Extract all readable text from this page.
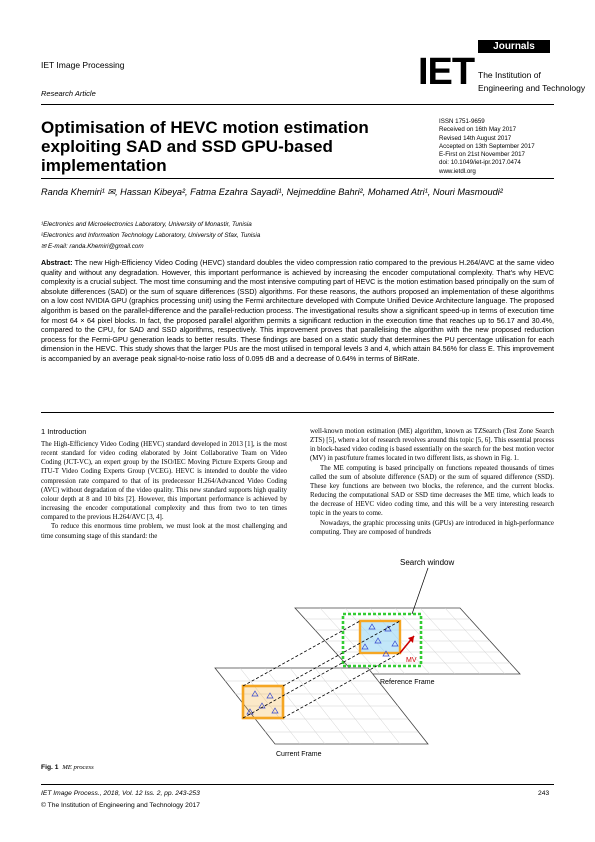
IET Image Processing
Research Article
IET
Journals
The Institution of
Engineering and Technology
Optimisation of HEVC motion estimation exploiting SAD and SSD GPU-based implementation
ISSN 1751-9659
Received on 16th May 2017
Revised 14th August 2017
Accepted on 13th September 2017
E-First on 21st November 2017
doi: 10.1049/iet-ipr.2017.0474
www.ietdl.org
Randa Khemiri¹ ✉, Hassan Kibeya², Fatma Ezahra Sayadi¹, Nejmeddine Bahri², Mohamed Atri¹, Nouri Masmoudi²
¹Electronics and Microelectronics Laboratory, University of Monastir, Tunisia
²Electronics and Information Technology Laboratory, University of Sfax, Tunisia
✉ E-mail: randa.Khemiri@gmail.com
Abstract: The new High-Efficiency Video Coding (HEVC) standard doubles the video compression ratio compared to the previous H.264/AVC at the same video quality and without any degradation. However, this important performance is achieved by increasing the encoder computational complexity. That's why HEVC complexity is a crucial subject. The most time consuming and the most intensive computing part of HEVC is the motion estimation based principally on the sum of absolute differences (SAD) or the sum of square differences (SSD) algorithms. For these reasons, the authors proposed an implementation of these algorithms on a low cost NVIDIA GPU (graphics processing unit) using the Fermi architecture developed with Compute Unified Device Architecture language. The proposed algorithm is based on the parallel-difference and the parallel-reduction process. The investigational results show a significant speed-up in terms of execution time for most 64 × 64 pixel blocks. In fact, the proposed parallel algorithm permits a significant reduction in the execution time that reaches up to 56.17 and 30.4%, compared to the CPU, for SAD and SSD algorithms, respectively. This improvement proves that parallelising the algorithm with the new proposed reduction process for the Fermi-GPU generation leads to better results. These findings are based on a static study that determines the PU percentage utilisation for each dimension in the HEVC. This study shows that the larger PUs are the most utilised in temporal levels 3 and 4, which attain 84.56% for class E. This improvement is accompanied by an average peak signal-to-noise ratio loss of 0.095 dB and a decrease of 0.64% in terms of BitRate.
1 Introduction

The High-Efficiency Video Coding (HEVC) standard developed in 2013 [1], is the most recent standard for video coding elaborated by Joint Collaborative Team on Video Coding (JCT-VC), an expert group by the ISO/IEC Moving Picture Experts Group and ITU-T Video Coding Experts Group (VCEG). HEVC is intended to double the video compression rate compared to that of its predecessor H.264/Advanced Video Coding (AVC) without degradation of the video quality. This new standard supports high quality colour depth at 8 and 10 bits [2]. However, this important performance is achieved by increasing the encoder computational complexity and thus from two to ten times compared to the previous H.264/AVC [3, 4].

To reduce this enormous time problem, we must look at the most challenging and time consuming stage of this standard: the

well-known motion estimation (ME) algorithm, known as TZSearch (Test Zone Search ZTS) [5], where a lot of research revolves around this topic [5, 6]. This essential process in block-based video coding is based essentially on the search for the best motion vector (MV) in past/future frames located in two different lists, as shown in Fig. 1.

The ME computing is based principally on functions repeated thousands of times called the sum of absolute difference (SAD) or the sum of squared difference (SSD). These key functions are between two blocks, the reference, and the current blocks. Reducing the computational SAD or SSD time decreases the ME time, which leads to the decrease of HEVC video coding time, and this will be a very interesting research topic in the years to come.

Nowadays, the graphic processing units (GPUs) are introduced in high-performance computing. They are composed of hundreds

MV
Search window
Reference Frame
Current Frame
Fig. 1 ME process
IET Image Process., 2018, Vol. 12 Iss. 2, pp. 243-253
© The Institution of Engineering and Technology 2017
243
